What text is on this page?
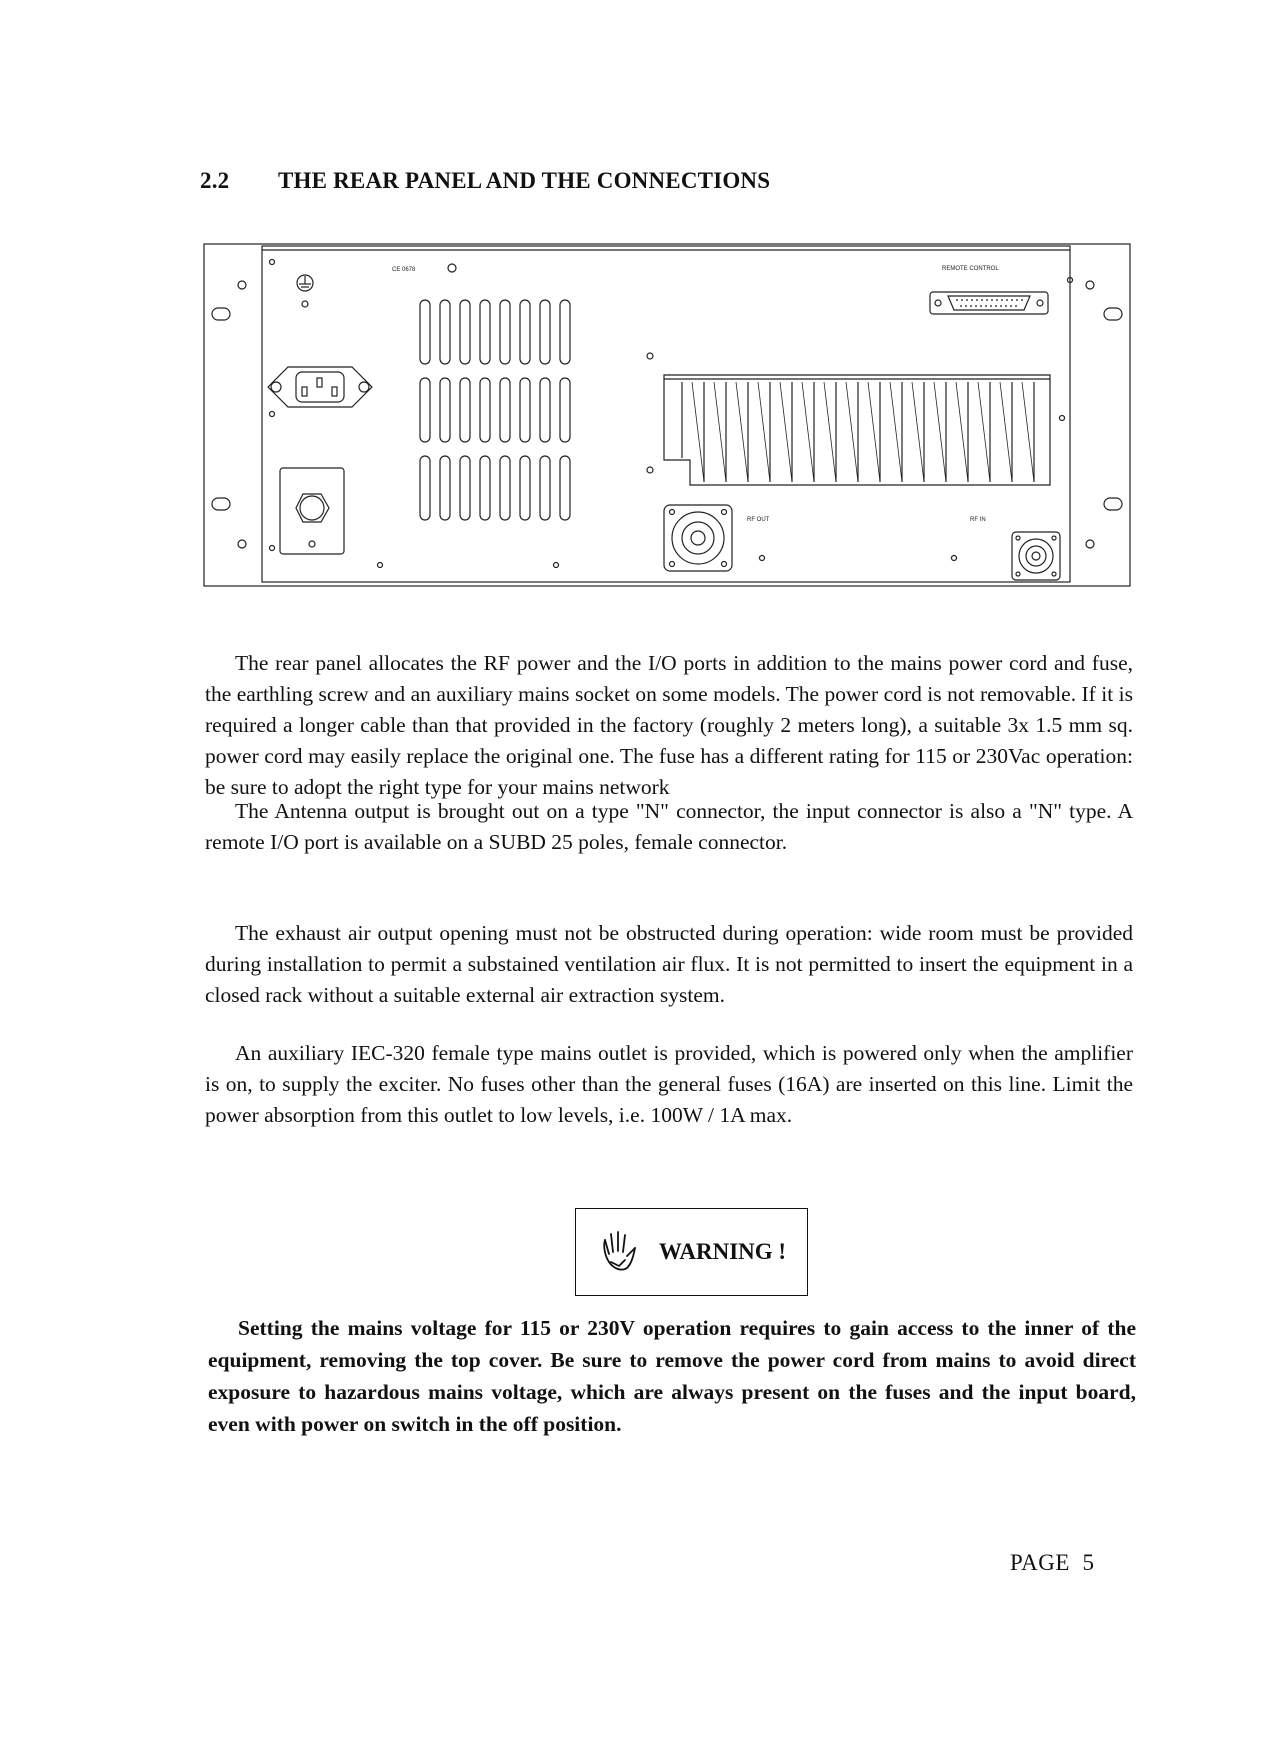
2.2 THE REAR PANEL AND THE CONNECTIONS
CE 0678	REMOTE CONTROL
RF OUT	RF IN

The rear panel allocates the RF power and the I/O ports in addition to the mains power cord and fuse, the earthling screw and an auxiliary mains socket on some models. The power cord is not removable. If it is required a longer cable than that provided in the factory (roughly 2 meters long), a suitable 3x 1.5 mm sq. power cord may easily replace the original one. The fuse has a different rating for 115 or 230Vac operation: be sure to adopt the right type for your mains network

The Antenna output is brought out on a type "N" connector, the input connector is also a "N" type. A remote I/O port is available on a SUBD 25 poles, female connector.

The exhaust air output opening must not be obstructed during operation: wide room must be provided during installation to permit a substained ventilation air flux. It is not permitted to insert the equipment in a closed rack without a suitable external air extraction system.

An auxiliary IEC-320 female type mains outlet is provided, which is powered only when the amplifier is on, to supply the exciter. No fuses other than the general fuses (16A) are inserted on this line. Limit the power absorption from this outlet to low levels, i.e. 100W / 1A max.

WARNING !

Setting the mains voltage for 115 or 230V operation requires to gain access to the inner of the equipment, removing the top cover. Be sure to remove the power cord from mains to avoid direct exposure to hazardous mains voltage, which are always present on the fuses and the input board, even with power on switch in the off position.

PAGE  5
